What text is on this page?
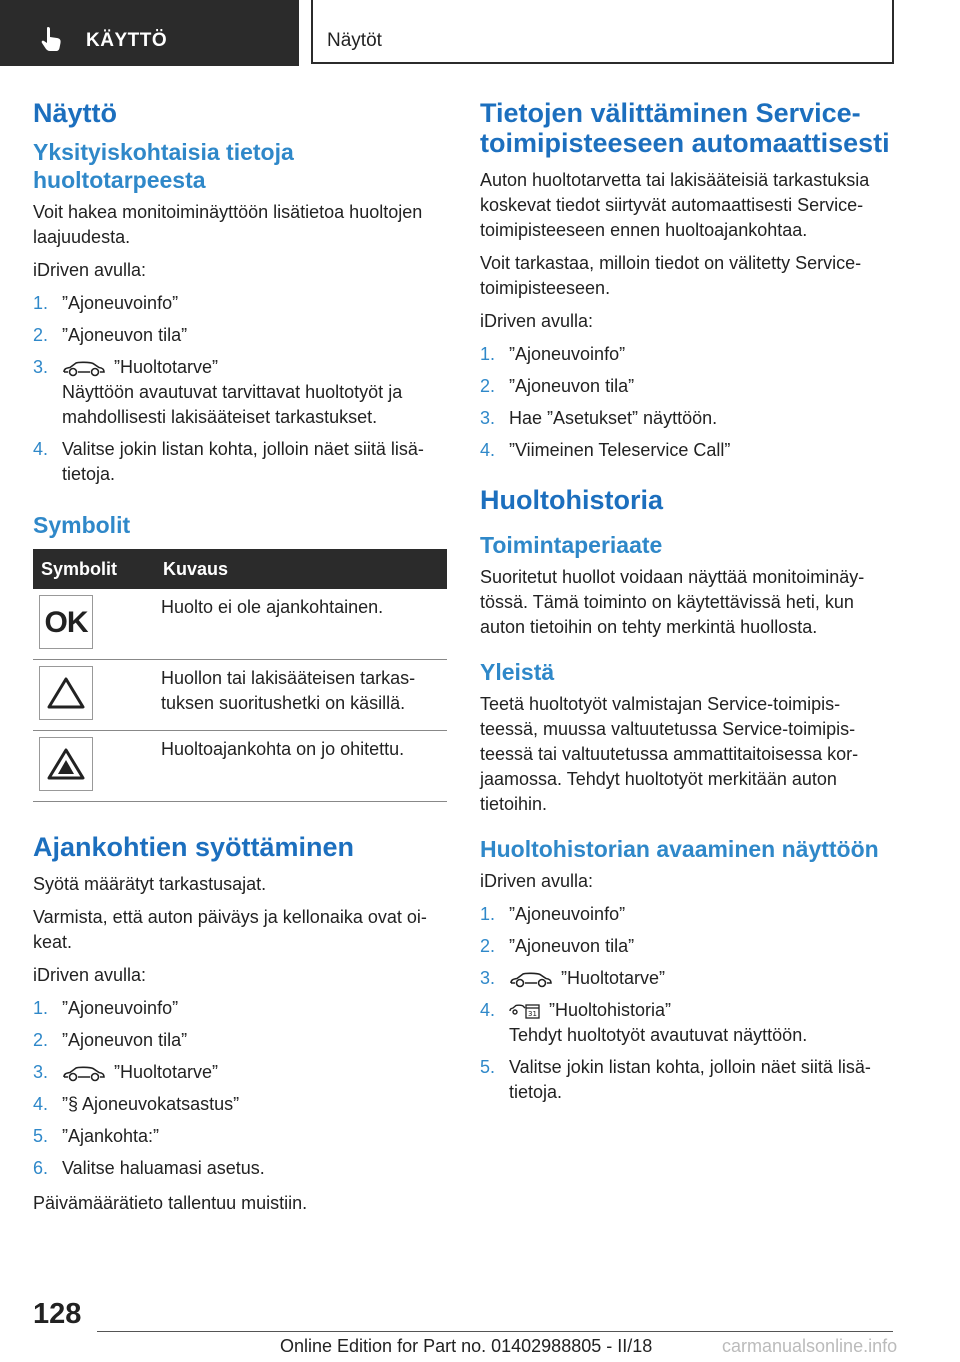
KÄYTTÖ	Näytöt
Näyttö
Yksityiskohtaisia tietoja huoltotarpeesta

Voit hakea monitoiminäyttöön lisätietoa huoltojen laajuudesta.

iDriven avulla:

1. ”Ajoneuvoinfo”
2. ”Ajoneuvon tila”
3.	”Huoltotarve”
Näyttöön avautuvat tarvittavat huoltotyöt ja mahdollisesti lakisääteiset tarkastukset.
4. Valitse jokin listan kohta, jolloin näet siitä lisä-tietoja.
Symbolit
Symbolit	Kuvaus

OK	Huolto ei ole ajankohtainen.

	Huollon tai lakisääteisen tarkas-tuksen suoritushetki on käsillä.

	Huoltoajankohta on jo ohitettu.
Ajankohtien syöttäminen

Syötä määrätyt tarkastusajat.

Varmista, että auton päiväys ja kellonaika ovat oi-keat.

iDriven avulla:

1. ”Ajoneuvoinfo”
2. ”Ajoneuvon tila”
3.	”Huoltotarve”
4. ”§ Ajoneuvokatsastus”
5. ”Ajankohta:”
6. Valitse haluamasi asetus.

Päivämäärätieto tallentuu muistiin.

Tietojen välittäminen Service-toimipisteeseen automaattisesti

Auton huoltotarvetta tai lakisääteisiä tarkastuksia koskevat tiedot siirtyvät automaattisesti Service-toimipisteeseen ennen huoltoajankohtaa.

Voit tarkastaa, milloin tiedot on välitetty Service-toimipisteeseen.

iDriven avulla:

1. ”Ajoneuvoinfo”
2. ”Ajoneuvon tila”
3. Hae ”Asetukset” näyttöön.
4. ”Viimeinen Teleservice Call”
Huoltohistoria
Toimintaperiaate

Suoritetut huollot voidaan näyttää monitoiminäy-tössä. Tämä toiminto on käytettävissä heti, kun auton tietoihin on tehty merkintä huollosta.

Yleistä

Teetä huoltotyöt valmistajan Service-toimipis-teessä, muussa valtuutetussa Service-toimipis-teessä tai valtuutetussa ammattitaitoisessa kor-jaamossa. Tehdyt huoltotyöt merkitään auton tietoihin.

Huoltohistorian avaaminen näyttöön

iDriven avulla:

1. ”Ajoneuvoinfo”
2. ”Ajoneuvon tila”
3.	”Huoltotarve”
4.	31 ”Huoltohistoria”
Tehdyt huoltotyöt avautuvat näyttöön.
5. Valitse jokin listan kohta, jolloin näet siitä lisä-tietoja.
128
Online Edition for Part no. 01402988805 - II/18	carmanualsonline.info
